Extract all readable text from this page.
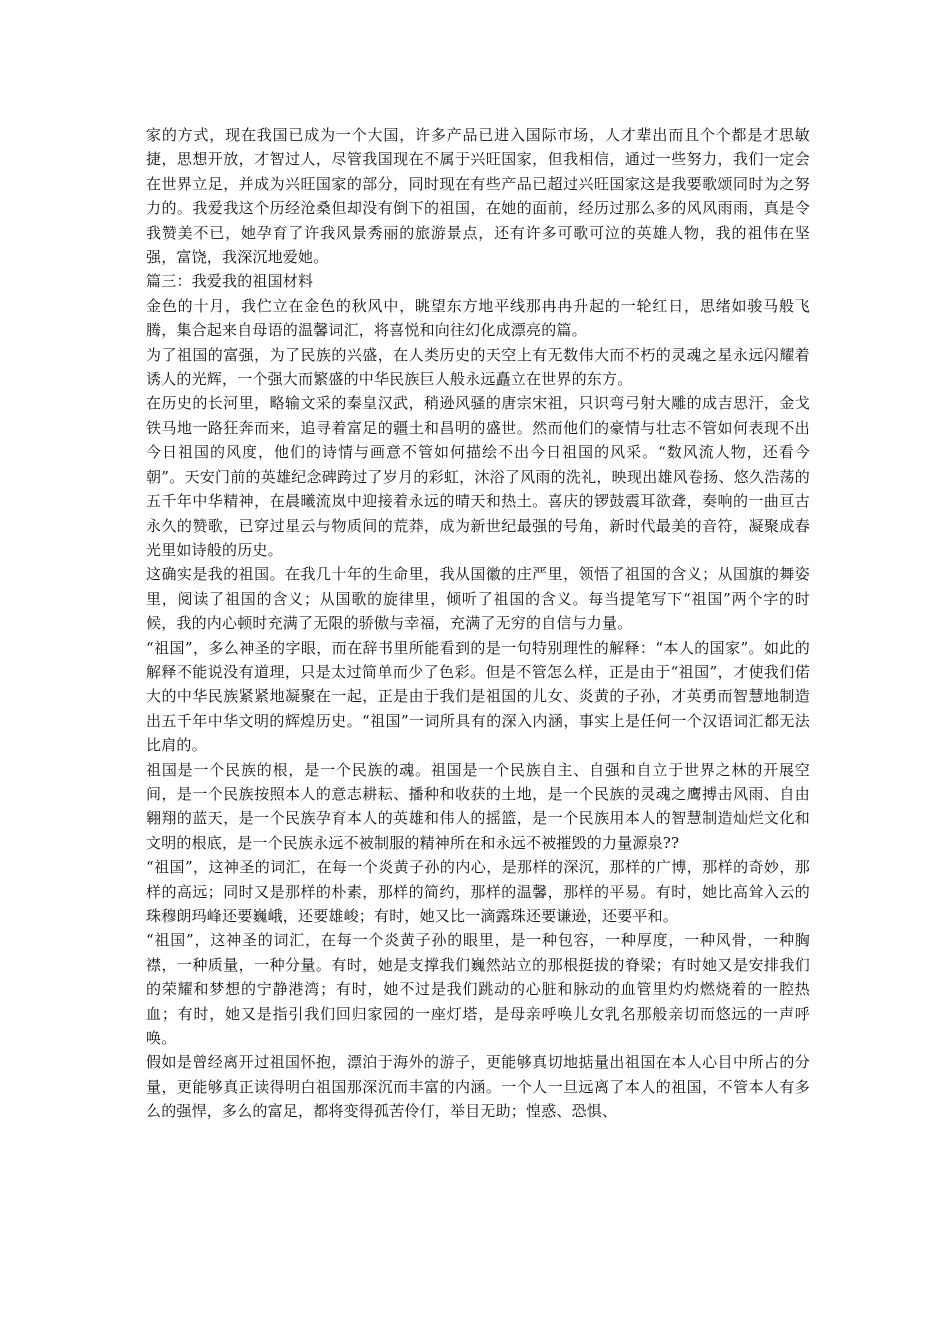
家的方式，现在我国已成为一个大国，许多产品已进入国际市场，人才辈出而且个个都是才思敏捷，思想开放，才智过人，尽管我国现在不属于兴旺国家，但我相信，通过一些努力，我们一定会在世界立足，并成为兴旺国家的部分，同时现在有些产品已超过兴旺国家这是我要歌颂同时为之努力的。我爱我这个历经沧桑但却没有倒下的祖国，在她的面前，经历过那么多的风风雨雨，真是令我赞美不已，她孕育了许我风景秀丽的旅游景点，还有许多可歌可泣的英雄人物，我的祖伟在坚强，富饶，我深沉地爱她。

篇三：我爱我的祖国材料

金色的十月，我伫立在金色的秋风中，眺望东方地平线那冉冉升起的一轮红日，思绪如骏马般飞腾，集合起来自母语的温馨词汇，将喜悦和向往幻化成漂亮的篇。

为了祖国的富强，为了民族的兴盛，在人类历史的天空上有无数伟大而不朽的灵魂之星永远闪耀着诱人的光辉，一个强大而繁盛的中华民族巨人般永远矗立在世界的东方。

在历史的长河里，略输文采的秦皇汉武，稍逊风骚的唐宗宋祖，只识弯弓射大雕的成吉思汗，金戈铁马地一路狂奔而来，追寻着富足的疆土和昌明的盛世。然而他们的豪情与壮志不管如何表现不出今日祖国的风度，他们的诗情与画意不管如何描绘不出今日祖国的风采。“数风流人物，还看今朝”。天安门前的英雄纪念碑跨过了岁月的彩虹，沐浴了风雨的洗礼，映现出雄风卷扬、悠久浩荡的五千年中华精神，在晨曦流岚中迎接着永远的晴天和热土。喜庆的锣鼓震耳欲聋，奏响的一曲亘古永久的赞歌，已穿过星云与物质间的荒莽，成为新世纪最强的号角，新时代最美的音符，凝聚成春光里如诗般的历史。

这确实是我的祖国。在我几十年的生命里，我从国徽的庄严里，领悟了祖国的含义；从国旗的舞姿里，阅读了祖国的含义；从国歌的旋律里，倾听了祖国的含义。每当提笔写下“祖国”两个字的时候，我的内心顿时充满了无限的骄傲与幸福，充满了无穷的自信与力量。

“祖国”，多么神圣的字眼，而在辞书里所能看到的是一句特别理性的解释：“本人的国家”。如此的解释不能说没有道理，只是太过简单而少了色彩。但是不管怎么样，正是由于“祖国”，才使我们偌大的中华民族紧紧地凝聚在一起，正是由于我们是祖国的儿女、炎黄的子孙，才英勇而智慧地制造出五千年中华文明的辉煌历史。“祖国”一词所具有的深入内涵，事实上是任何一个汉语词汇都无法比肩的。

祖国是一个民族的根，是一个民族的魂。祖国是一个民族自主、自强和自立于世界之林的开展空间，是一个民族按照本人的意志耕耘、播种和收获的土地，是一个民族的灵魂之鹰搏击风雨、自由翱翔的蓝天，是一个民族孕育本人的英雄和伟人的摇篮，是一个民族用本人的智慧制造灿烂文化和文明的根底，是一个民族永远不被制服的精神所在和永远不被摧毁的力量源泉??

“祖国”，这神圣的词汇，在每一个炎黄子孙的内心，是那样的深沉，那样的广博，那样的奇妙，那样的高远；同时又是那样的朴素，那样的简约，那样的温馨，那样的平易。有时，她比高耸入云的珠穆朗玛峰还要巍峨，还要雄峻；有时，她又比一滴露珠还要谦逊，还要平和。

“祖国”，这神圣的词汇，在每一个炎黄子孙的眼里，是一种包容，一种厚度，一种风骨，一种胸襟，一种质量，一种分量。有时，她是支撑我们巍然站立的那根挺拔的脊梁；有时她又是安排我们的荣耀和梦想的宁静港湾；有时，她不过是我们跳动的心脏和脉动的血管里灼灼燃烧着的一腔热血；有时，她又是指引我们回归家园的一座灯塔，是母亲呼唤儿女乳名那般亲切而悠远的一声呼唤。

假如是曾经离开过祖国怀抱，漂泊于海外的游子，更能够真切地掂量出祖国在本人心目中所占的分量，更能够真正读得明白祖国那深沉而丰富的内涵。一个人一旦远离了本人的祖国，不管本人有多么的强悍，多么的富足，都将变得孤苦伶仃，举目无助；惶惑、恐惧、
